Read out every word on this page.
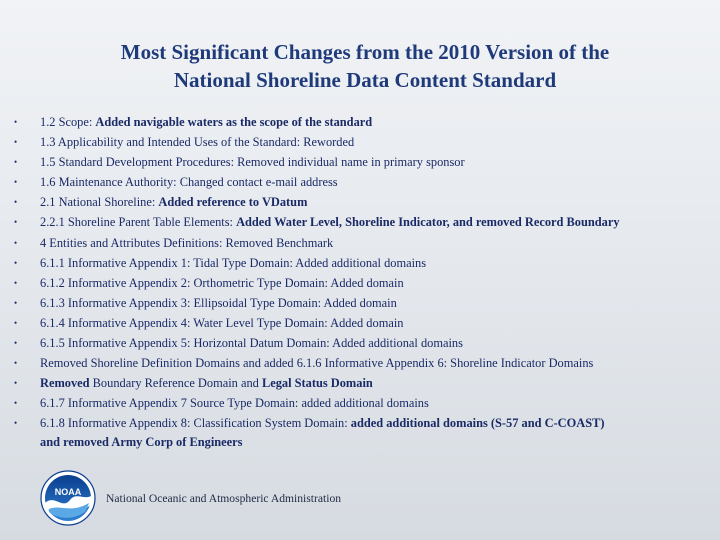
Most Significant Changes from the 2010 Version of the
National Shoreline Data Content Standard
•	1.2 Scope: Added navigable waters as the scope of the standard
•	1.3 Applicability and Intended Uses of the Standard: Reworded
•	1.5 Standard Development Procedures: Removed individual name in primary sponsor
•	1.6 Maintenance Authority: Changed contact e-mail address
•	2.1 National Shoreline: Added reference to VDatum
•	2.2.1 Shoreline Parent Table Elements: Added Water Level, Shoreline Indicator, and removed Record Boundary
•	4 Entities and Attributes Definitions: Removed Benchmark
•	6.1.1 Informative Appendix 1: Tidal Type Domain: Added additional domains
•	6.1.2 Informative Appendix 2: Orthometric Type Domain: Added domain
•	6.1.3 Informative Appendix 3: Ellipsoidal Type Domain: Added domain
•	6.1.4 Informative Appendix 4: Water Level Type Domain: Added domain
•	6.1.5 Informative Appendix 5: Horizontal Datum Domain: Added additional domains
•	Removed Shoreline Definition Domains and added 6.1.6 Informative Appendix 6: Shoreline Indicator Domains
•	Removed Boundary Reference Domain and Legal Status Domain
•	6.1.7 Informative Appendix 7 Source Type Domain: added additional domains
•	6.1.8 Informative Appendix 8: Classification System Domain: added additional domains (S-57 and C-COAST)
and removed Army Corp of Engineers
NOAA National Oceanic and Atmospheric Administration
